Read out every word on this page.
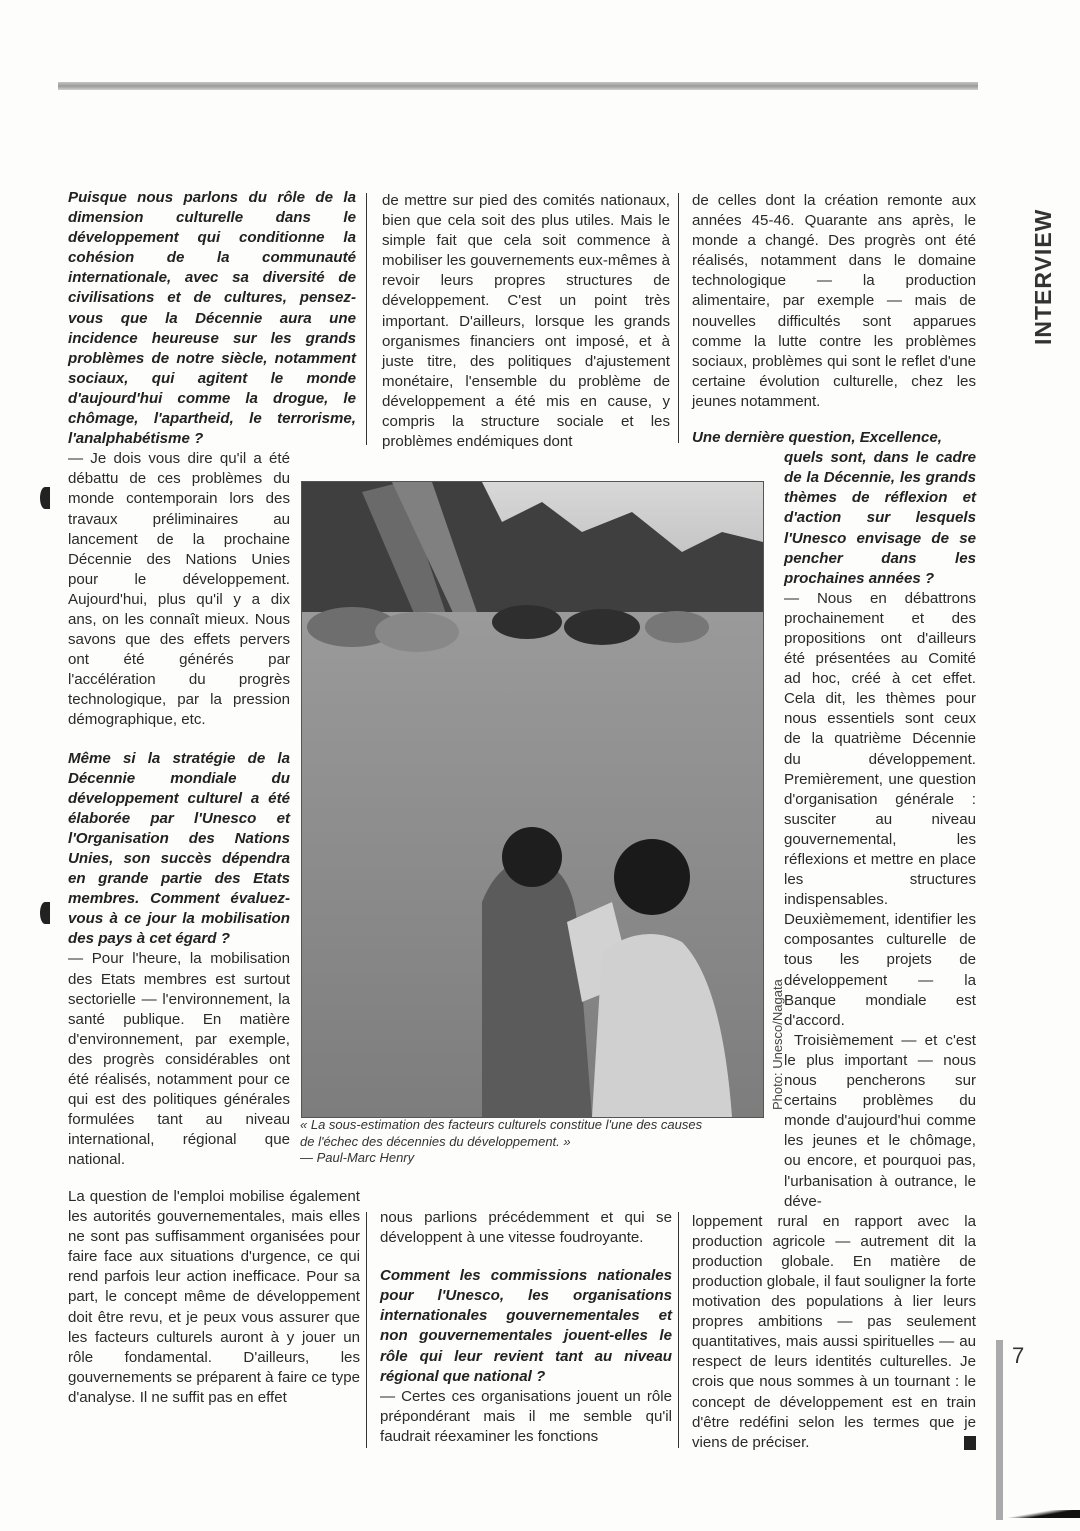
INTERVIEW

Puisque nous parlons du rôle de la dimension culturelle dans le développement qui conditionne la cohésion de la communauté internationale, avec sa diversité de civilisations et de cultures, pensez-vous que la Décennie aura une incidence heureuse sur les grands problèmes de notre siècle, notamment sociaux, qui agitent le monde d'aujourd'hui comme la drogue, le chômage, l'apartheid, le terrorisme, l'analphabétisme ?

— Je dois vous dire qu'il a été débattu de ces problèmes du monde contemporain lors des travaux préliminaires au lancement de la prochaine Décennie des Nations Unies pour le développement. Aujourd'hui, plus qu'il y a dix ans, on les connaît mieux. Nous savons que des effets pervers ont été générés par l'accélération du progrès technologique, par la pression démographique, etc.

Même si la stratégie de la Décennie mondiale du développement culturel a été élaborée par l'Unesco et l'Organisation des Nations Unies, son succès dépendra en grande partie des Etats membres. Comment évaluez-vous à ce jour la mobilisation des pays à cet égard ?

— Pour l'heure, la mobilisation des Etats membres est surtout sectorielle — l'environnement, la santé publique. En matière d'environnement, par exemple, des progrès considérables ont été réalisés, notamment pour ce qui est des politiques générales formulées tant au niveau international, régional que national.

La question de l'emploi mobilise également les autorités gouvernementales, mais elles ne sont pas suffisamment organisées pour faire face aux situations d'urgence, ce qui rend parfois leur action inefficace. Pour sa part, le concept même de développement doit être revu, et je peux vous assurer que les facteurs culturels auront à y jouer un rôle fondamental. D'ailleurs, les gouvernements se préparent à faire ce type d'analyse. Il ne suffit pas en effet

de mettre sur pied des comités nationaux, bien que cela soit des plus utiles. Mais le simple fait que cela soit commence à mobiliser les gouvernements eux-mêmes à revoir leurs propres structures de développement. C'est un point très important. D'ailleurs, lorsque les grands organismes financiers ont imposé, et à juste titre, des politiques d'ajustement monétaire, l'ensemble du problème de développement a été mis en cause, y compris la structure sociale et les problèmes endémiques dont

nous parlions précédemment et qui se développent à une vitesse foudroyante.

Comment les commissions nationales pour l'Unesco, les organisations internationales gouvernementales et non gouvernementales jouent-elles le rôle qui leur revient tant au niveau régional que national ?

— Certes ces organisations jouent un rôle prépondérant mais il me semble qu'il faudrait réexaminer les fonctions

de celles dont la création remonte aux années 45-46. Quarante ans après, le monde a changé. Des progrès ont été réalisés, notamment dans le domaine technologique — la production alimentaire, par exemple — mais de nouvelles difficultés sont apparues comme la lutte contre les problèmes sociaux, problèmes qui sont le reflet d'une certaine évolution culturelle, chez les jeunes notamment.

Une dernière question, Excellence,

quels sont, dans le cadre de la Décennie, les grands thèmes de réflexion et d'action sur lesquels l'Unesco envisage de se pencher dans les prochaines années ?

— Nous en débattrons prochainement et des propositions ont d'ailleurs été présentées au Comité ad hoc, créé à cet effet. Cela dit, les thèmes pour nous essentiels sont ceux de la quatrième Décennie du développement. Premièrement, une question d'organisation générale : susciter au niveau gouvernemental, les réflexions et mettre en place les structures indispensables. Deuxièmement, identifier les composantes culturelle de tous les projets de développement — la Banque mondiale est d'accord.

Troisièmement — et c'est le plus important — nous nous pencherons sur certains problèmes du monde d'aujourd'hui comme les jeunes et le chômage, ou encore, et pourquoi pas, l'urbanisation à outrance, le dévе-

loppement rural en rapport avec la production agricole — autrement dit la production globale. En matière de production globale, il faut souligner la forte motivation des populations à lier leurs propres ambitions — pas seulement quantitatives, mais aussi spirituelles — au respect de leurs identités culturelles. Je crois que nous sommes à un tournant : le concept de développement est en train d'être redéfini selon les termes que je viens de préciser.

« La sous-estimation des facteurs culturels constitue l'une des causes de l'échec des décennies du développement. »
— Paul-Marc Henry
Photo: Unesco/Nagata
7
